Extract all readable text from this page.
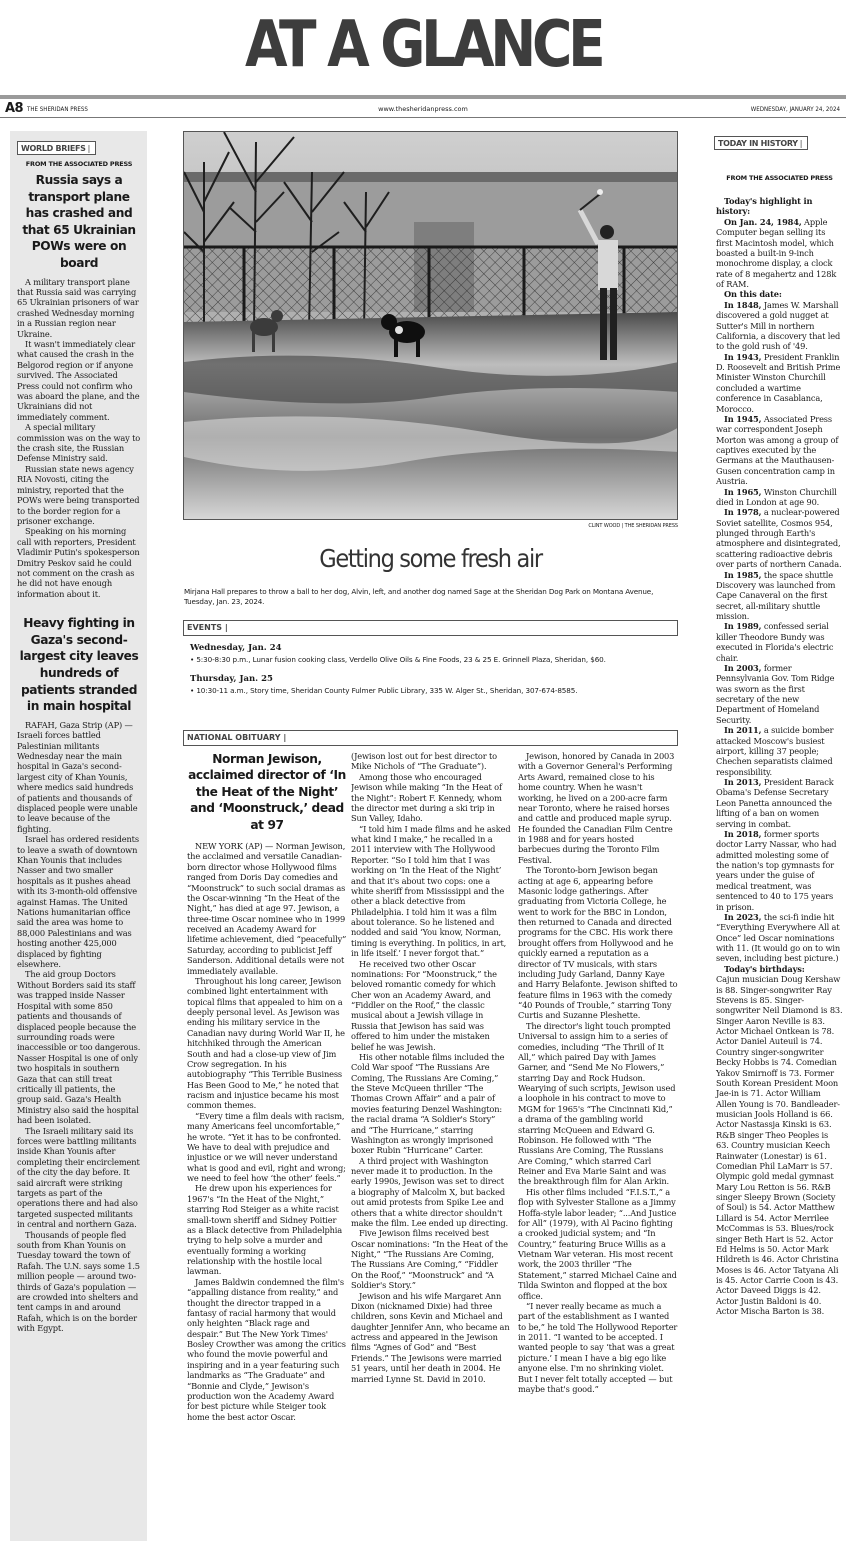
AT A GLANCE
A8 THE SHERIDAN PRESS	www.thesheridanpress.com	WEDNESDAY, JANUARY 24, 2024
WORLD BRIEFS |
FROM THE ASSOCIATED PRESS
Russia says a transport plane has crashed and that 65 Ukrainian POWs were on board

A military transport plane that Russia said was carrying 65 Ukrainian prisoners of war crashed Wednesday morning in a Russian region near Ukraine.

It wasn't immediately clear what caused the crash in the Belgorod region or if anyone survived. The Associated Press could not confirm who was aboard the plane, and the Ukrainians did not immediately comment.

A special military commission was on the way to the crash site, the Russian Defense Ministry said.

Russian state news agency RIA Novosti, citing the ministry, reported that the POWs were being transported to the border region for a prisoner exchange.

Speaking on his morning call with reporters, President Vladimir Putin's spokesperson Dmitry Peskov said he could not comment on the crash as he did not have enough information about it.

Heavy fighting in Gaza's second-largest city leaves hundreds of patients stranded in main hospital

RAFAH, Gaza Strip (AP) — Israeli forces battled Palestinian militants Wednesday near the main hospital in Gaza's second-largest city of Khan Younis, where medics said hundreds of patients and thousands of displaced people were unable to leave because of the fighting.

Israel has ordered residents to leave a swath of downtown Khan Younis that includes Nasser and two smaller hospitals as it pushes ahead with its 3-month-old offensive against Hamas. The United Nations humanitarian office said the area was home to 88,000 Palestinians and was hosting another 425,000 displaced by fighting elsewhere.

The aid group Doctors Without Borders said its staff was trapped inside Nasser Hospital with some 850 patients and thousands of displaced people because the surrounding roads were inaccessible or too dangerous. Nasser Hospital is one of only two hospitals in southern Gaza that can still treat critically ill patients, the group said. Gaza's Health Ministry also said the hospital had been isolated.

The Israeli military said its forces were battling militants inside Khan Younis after completing their encirclement of the city the day before. It said aircraft were striking targets as part of the operations there and had also targeted suspected militants in central and northern Gaza.

Thousands of people fled south from Khan Younis on Tuesday toward the town of Rafah. The U.N. says some 1.5 million people — around two-thirds of Gaza's population — are crowded into shelters and tent camps in and around Rafah, which is on the border with Egypt.

CLINT WOOD | THE SHERIDAN PRESS
Getting some fresh air
Mirjana Hall prepares to throw a ball to her dog, Alvin, left, and another dog named Sage at the Sheridan Dog Park on Montana Avenue, Tuesday, Jan. 23, 2024.
EVENTS |
Wednesday, Jan. 24
• 5:30-8:30 p.m., Lunar fusion cooking class, Verdello Olive Oils & Fine Foods, 23 & 25 E. Grinnell Plaza, Sheridan, $60.
Thursday, Jan. 25
• 10:30-11 a.m., Story time, Sheridan County Fulmer Public Library, 335 W. Alger St., Sheridan, 307-674-8585.
NATIONAL OBITUARY |
Norman Jewison, acclaimed director of ‘In the Heat of the Night’ and ‘Moonstruck,’ dead at 97

NEW YORK (AP) — Norman Jewison, the acclaimed and versatile Canadian-born director whose Hollywood films ranged from Doris Day comedies and “Moonstruck” to such social dramas as the Oscar-winning “In the Heat of the Night,” has died at age 97. Jewison, a three-time Oscar nominee who in 1999 received an Academy Award for lifetime achievement, died “peacefully” Saturday, according to publicist Jeff Sanderson. Additional details were not immediately available.

Throughout his long career, Jewison combined light entertainment with topical films that appealed to him on a deeply personal level. As Jewison was ending his military service in the Canadian navy during World War II, he hitchhiked through the American South and had a close-up view of Jim Crow segregation. In his autobiography “This Terrible Business Has Been Good to Me,” he noted that racism and injustice became his most common themes.

“Every time a film deals with racism, many Americans feel uncomfortable,” he wrote. “Yet it has to be confronted. We have to deal with prejudice and injustice or we will never understand what is good and evil, right and wrong; we need to feel how ‘the other’ feels.”

He drew upon his experiences for 1967's “In the Heat of the Night,” starring Rod Steiger as a white racist small-town sheriff and Sidney Poitier as a Black detective from Philadelphia trying to help solve a murder and eventually forming a working relationship with the hostile local lawman.

James Baldwin condemned the film's “appalling distance from reality,” and thought the director trapped in a fantasy of racial harmony that would only heighten “Black rage and despair.” But The New York Times' Bosley Crowther was among the critics who found the movie powerful and inspiring and in a year featuring such landmarks as “The Graduate” and “Bonnie and Clyde,” Jewison's production won the Academy Award for best picture while Steiger took home the best actor Oscar.

(Jewison lost out for best director to Mike Nichols of “The Graduate”).

Among those who encouraged Jewison while making “In the Heat of the Night”: Robert F. Kennedy, whom the director met during a ski trip in Sun Valley, Idaho.

“I told him I made films and he asked what kind I make,” he recalled in a 2011 interview with The Hollywood Reporter. “So I told him that I was working on ‘In the Heat of the Night’ and that it's about two cops: one a white sheriff from Mississippi and the other a black detective from Philadelphia. I told him it was a film about tolerance. So he listened and nodded and said ‘You know, Norman, timing is everything. In politics, in art, in life itself.’ I never forgot that.”

He received two other Oscar nominations: For “Moonstruck,” the beloved romantic comedy for which Cher won an Academy Award, and “Fiddler on the Roof,” the classic musical about a Jewish village in Russia that Jewison has said was offered to him under the mistaken belief he was Jewish.

His other notable films included the Cold War spoof “The Russians Are Coming, The Russians Are Coming,” the Steve McQueen thriller “The Thomas Crown Affair” and a pair of movies featuring Denzel Washington: the racial drama “A Soldier's Story” and “The Hurricane,” starring Washington as wrongly imprisoned boxer Rubin “Hurricane” Carter.

A third project with Washington never made it to production. In the early 1990s, Jewison was set to direct a biography of Malcolm X, but backed out amid protests from Spike Lee and others that a white director shouldn't make the film. Lee ended up directing.

Five Jewison films received best Oscar nominations: “In the Heat of the Night,” “The Russians Are Coming, The Russians Are Coming,” “Fiddler On the Roof,” “Moonstruck” and “A Soldier's Story.”

Jewison and his wife Margaret Ann Dixon (nicknamed Dixie) had three children, sons Kevin and Michael and daughter Jennifer Ann, who became an actress and appeared in the Jewison films “Agnes of God” and “Best Friends.” The Jewisons were married 51 years, until her death in 2004. He married Lynne St. David in 2010.

Jewison, honored by Canada in 2003 with a Governor General's Performing Arts Award, remained close to his home country. When he wasn't working, he lived on a 200-acre farm near Toronto, where he raised horses and cattle and produced maple syrup. He founded the Canadian Film Centre in 1988 and for years hosted barbecues during the Toronto Film Festival.

The Toronto-born Jewison began acting at age 6, appearing before Masonic lodge gatherings. After graduating from Victoria College, he went to work for the BBC in London, then returned to Canada and directed programs for the CBC. His work there brought offers from Hollywood and he quickly earned a reputation as a director of TV musicals, with stars including Judy Garland, Danny Kaye and Harry Belafonte. Jewison shifted to feature films in 1963 with the comedy “40 Pounds of Trouble,” starring Tony Curtis and Suzanne Pleshette.

The director's light touch prompted Universal to assign him to a series of comedies, including “The Thrill of It All,” which paired Day with James Garner, and “Send Me No Flowers,” starring Day and Rock Hudson. Wearying of such scripts, Jewison used a loophole in his contract to move to MGM for 1965's “The Cincinnati Kid,” a drama of the gambling world starring McQueen and Edward G. Robinson. He followed with “The Russians Are Coming, The Russians Are Coming,” which starred Carl Reiner and Eva Marie Saint and was the breakthrough film for Alan Arkin.

His other films included “F.I.S.T.,” a flop with Sylvester Stallone as a Jimmy Hoffa-style labor leader; “...And Justice for All” (1979), with Al Pacino fighting a crooked judicial system; and “In Country,” featuring Bruce Willis as a Vietnam War veteran. His most recent work, the 2003 thriller “The Statement,” starred Michael Caine and Tilda Swinton and flopped at the box office.

“I never really became as much a part of the establishment as I wanted to be,” he told The Hollywood Reporter in 2011. “I wanted to be accepted. I wanted people to say ‘that was a great picture.’ I mean I have a big ego like anyone else. I'm no shrinking violet. But I never felt totally accepted — but maybe that's good.”

TODAY IN HISTORY |
FROM THE ASSOCIATED PRESS

Today's highlight in history:

On Jan. 24, 1984, Apple Computer began selling its first Macintosh model, which boasted a built-in 9-inch monochrome display, a clock rate of 8 megahertz and 128k of RAM.

On this date:

In 1848, James W. Marshall discovered a gold nugget at Sutter's Mill in northern California, a discovery that led to the gold rush of '49.

In 1943, President Franklin D. Roosevelt and British Prime Minister Winston Churchill concluded a wartime conference in Casablanca, Morocco.

In 1945, Associated Press war correspondent Joseph Morton was among a group of captives executed by the Germans at the Mauthausen-Gusen concentration camp in Austria.

In 1965, Winston Churchill died in London at age 90.

In 1978, a nuclear-powered Soviet satellite, Cosmos 954, plunged through Earth's atmosphere and disintegrated, scattering radioactive debris over parts of northern Canada.

In 1985, the space shuttle Discovery was launched from Cape Canaveral on the first secret, all-military shuttle mission.

In 1989, confessed serial killer Theodore Bundy was executed in Florida's electric chair.

In 2003, former Pennsylvania Gov. Tom Ridge was sworn as the first secretary of the new Department of Homeland Security.

In 2011, a suicide bomber attacked Moscow's busiest airport, killing 37 people; Chechen separatists claimed responsibility.

In 2013, President Barack Obama's Defense Secretary Leon Panetta announced the lifting of a ban on women serving in combat.

In 2018, former sports doctor Larry Nassar, who had admitted molesting some of the nation's top gymnasts for years under the guise of medical treatment, was sentenced to 40 to 175 years in prison.

In 2023, the sci-fi indie hit “Everything Everywhere All at Once” led Oscar nominations with 11. (It would go on to win seven, including best picture.)

Today's birthdays:

Cajun musician Doug Kershaw is 88. Singer-songwriter Ray Stevens is 85. Singer-songwriter Neil Diamond is 83. Singer Aaron Neville is 83. Actor Michael Ontkean is 78. Actor Daniel Auteuil is 74. Country singer-songwriter Becky Hobbs is 74. Comedian Yakov Smirnoff is 73. Former South Korean President Moon Jae-in is 71. Actor William Allen Young is 70. Bandleader-musician Jools Holland is 66. Actor Nastassja Kinski is 63. R&B singer Theo Peoples is 63. Country musician Keech Rainwater (Lonestar) is 61. Comedian Phil LaMarr is 57. Olympic gold medal gymnast Mary Lou Retton is 56. R&B singer Sleepy Brown (Society of Soul) is 54. Actor Matthew Lillard is 54. Actor Merrilee McCommas is 53. Blues/rock singer Beth Hart is 52. Actor Ed Helms is 50. Actor Mark Hildreth is 46. Actor Christina Moses is 46. Actor Tatyana Ali is 45. Actor Carrie Coon is 43. Actor Daveed Diggs is 42. Actor Justin Baldoni is 40. Actor Mischa Barton is 38.
